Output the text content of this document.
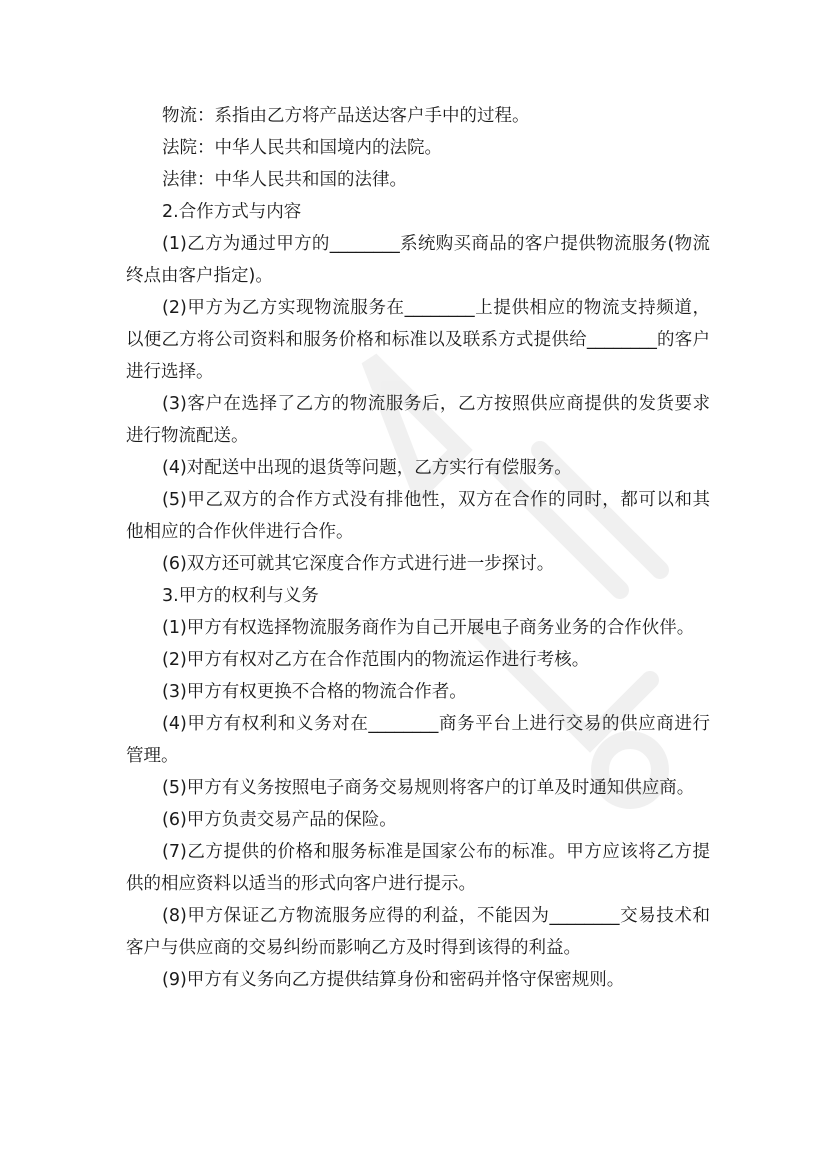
物流：系指由乙方将产品送达客户手中的过程。

法院：中华人民共和国境内的法院。

法律：中华人民共和国的法律。

2.合作方式与内容

(1)乙方为通过甲方的________系统购买商品的客户提供物流服务(物流终点由客户指定)。

(2)甲方为乙方实现物流服务在________上提供相应的物流支持频道，以便乙方将公司资料和服务价格和标准以及联系方式提供给________的客户进行选择。

(3)客户在选择了乙方的物流服务后，乙方按照供应商提供的发货要求进行物流配送。

(4)对配送中出现的退货等问题，乙方实行有偿服务。

(5)甲乙双方的合作方式没有排他性，双方在合作的同时，都可以和其他相应的合作伙伴进行合作。

(6)双方还可就其它深度合作方式进行进一步探讨。

3.甲方的权利与义务

(1)甲方有权选择物流服务商作为自己开展电子商务业务的合作伙伴。

(2)甲方有权对乙方在合作范围内的物流运作进行考核。

(3)甲方有权更换不合格的物流合作者。

(4)甲方有权利和义务对在________商务平台上进行交易的供应商进行管理。

(5)甲方有义务按照电子商务交易规则将客户的订单及时通知供应商。

(6)甲方负责交易产品的保险。

(7)乙方提供的价格和服务标准是国家公布的标准。甲方应该将乙方提供的相应资料以适当的形式向客户进行提示。

(8)甲方保证乙方物流服务应得的利益，不能因为________交易技术和客户与供应商的交易纠纷而影响乙方及时得到该得的利益。

(9)甲方有义务向乙方提供结算身份和密码并恪守保密规则。
